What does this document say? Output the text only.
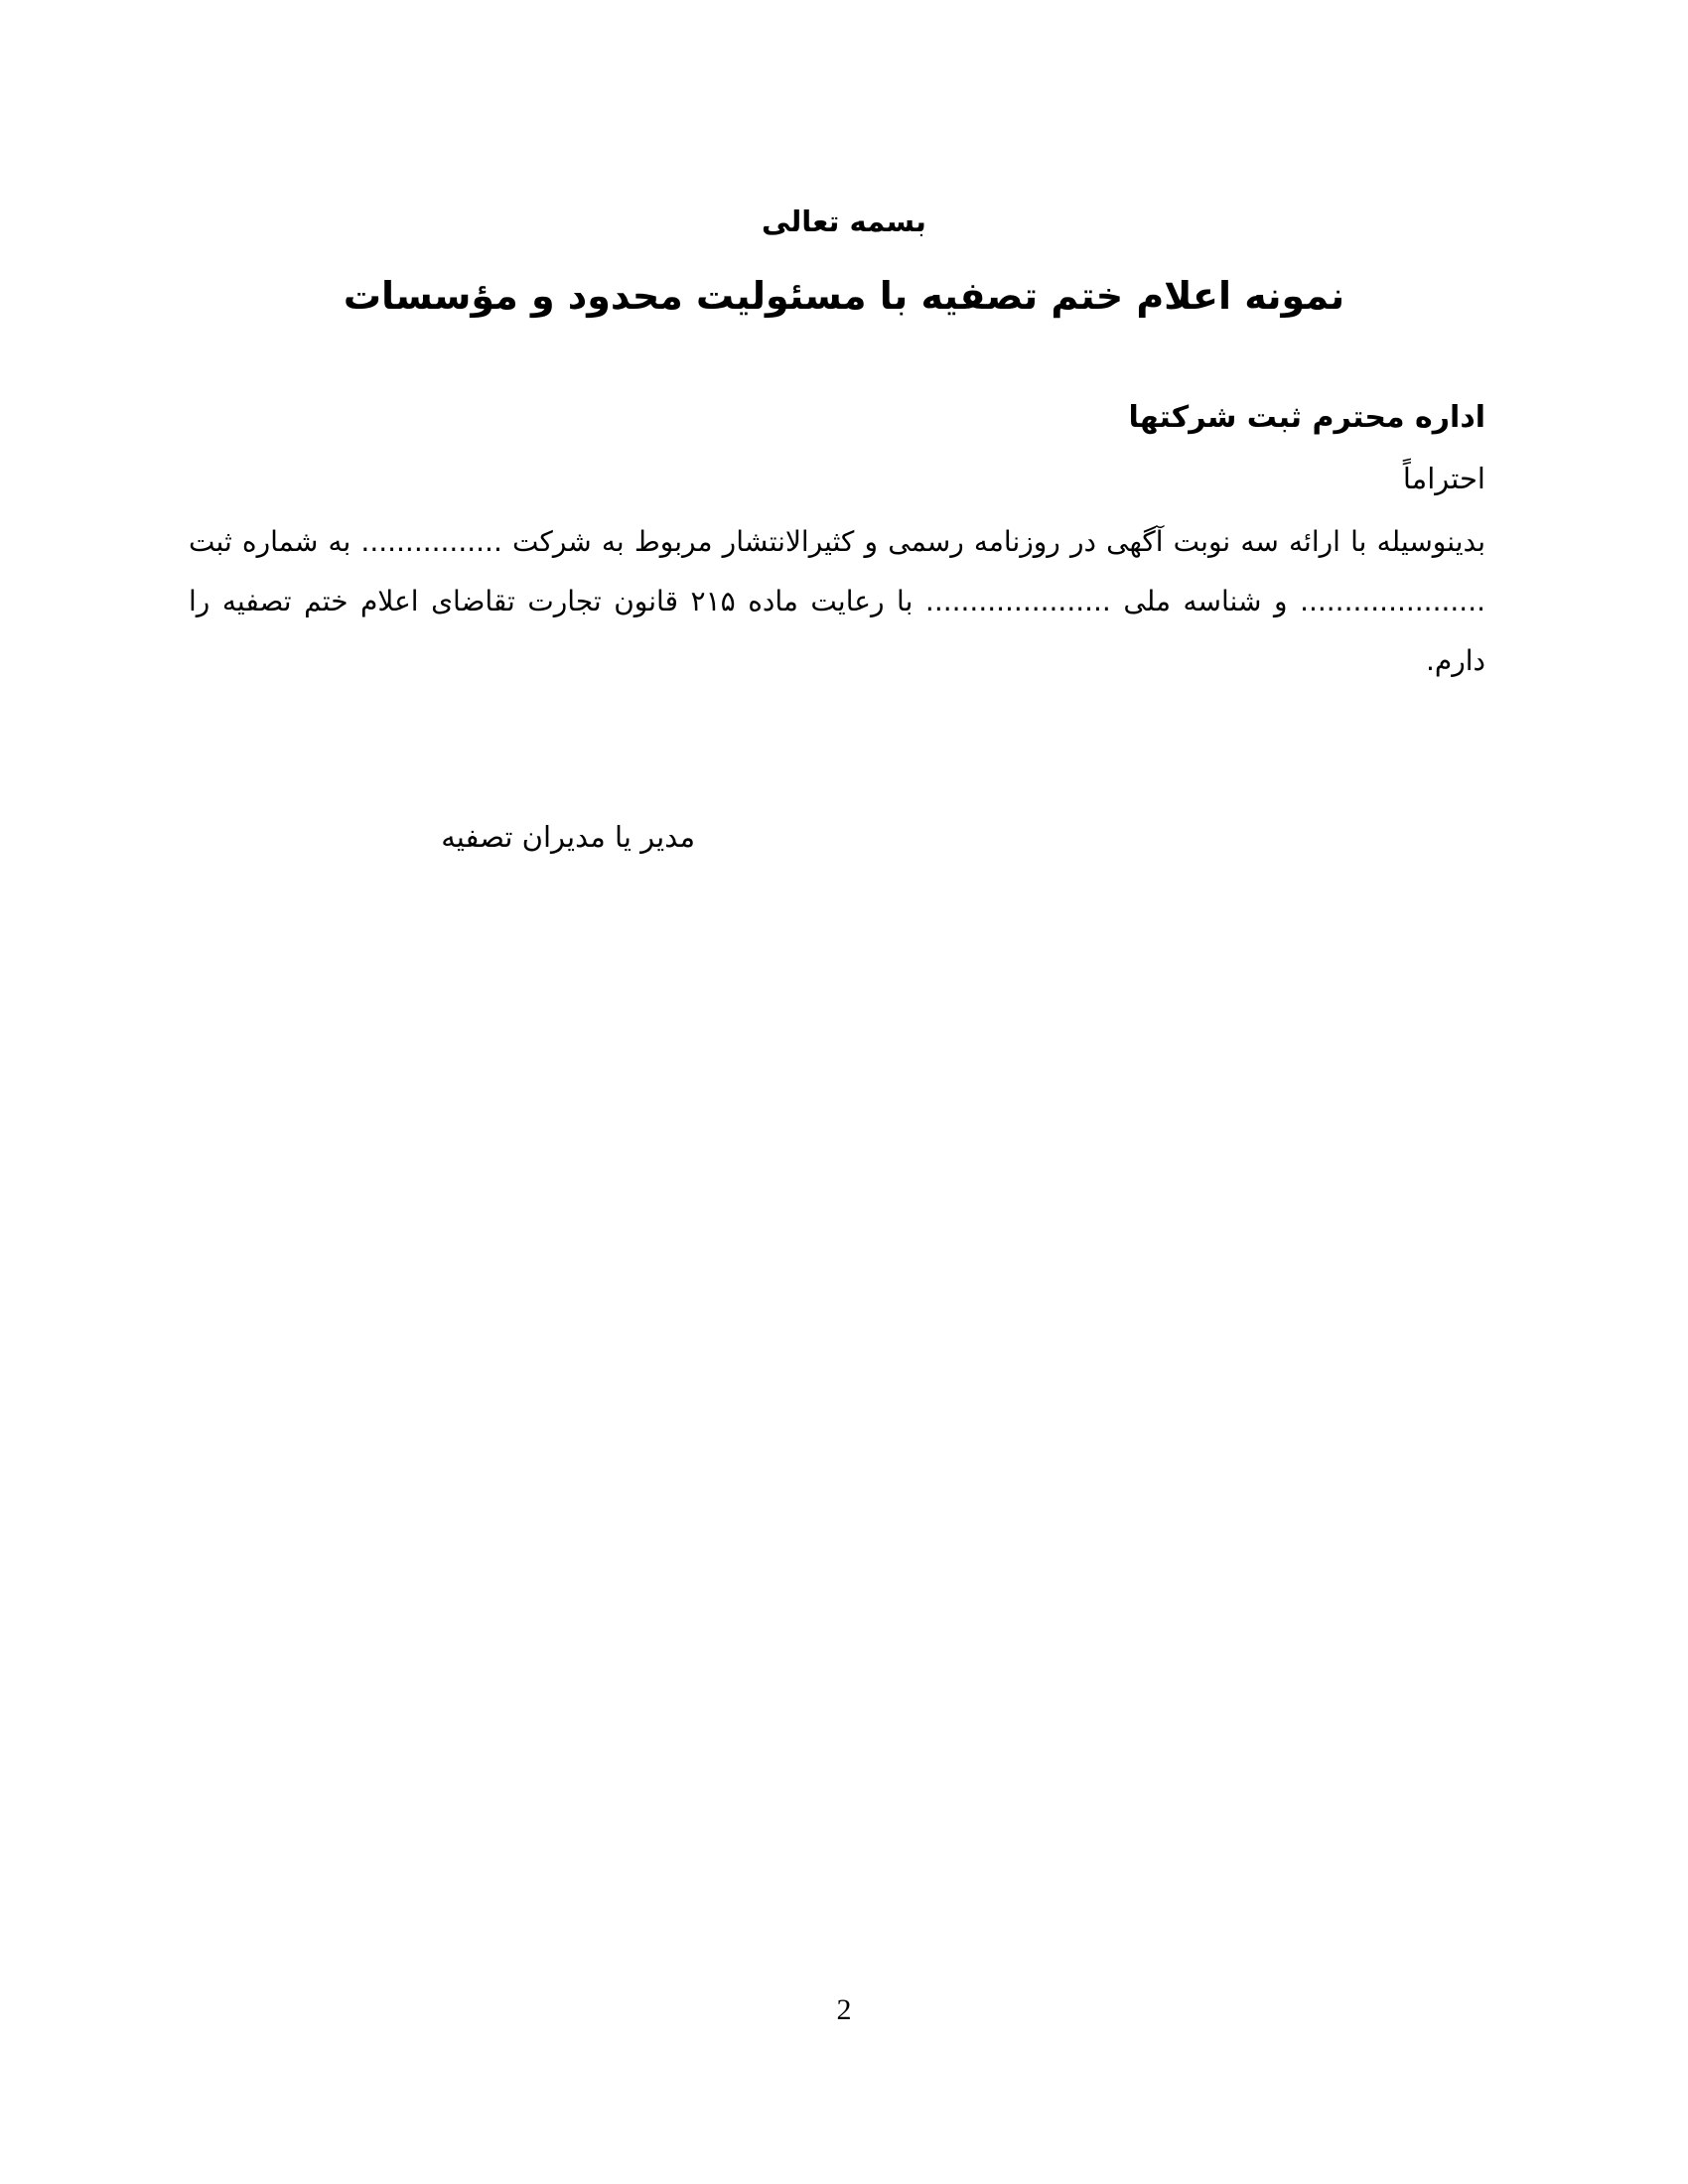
بسمه تعالی
نمونه اعلام ختم تصفیه با مسئولیت محدود و مؤسسات
اداره محترم ثبت شرکتها
احتراماً
بدینوسیله با ارائه سه نوبت آگهی در روزنامه رسمی و کثیرالانتشار مربوط به شرکت ................ به شماره ثبت ..................... و شناسه ملی ..................... با رعایت ماده ۲۱۵ قانون تجارت تقاضای اعلام ختم تصفیه را دارم.
مدیر یا مدیران تصفیه
2
